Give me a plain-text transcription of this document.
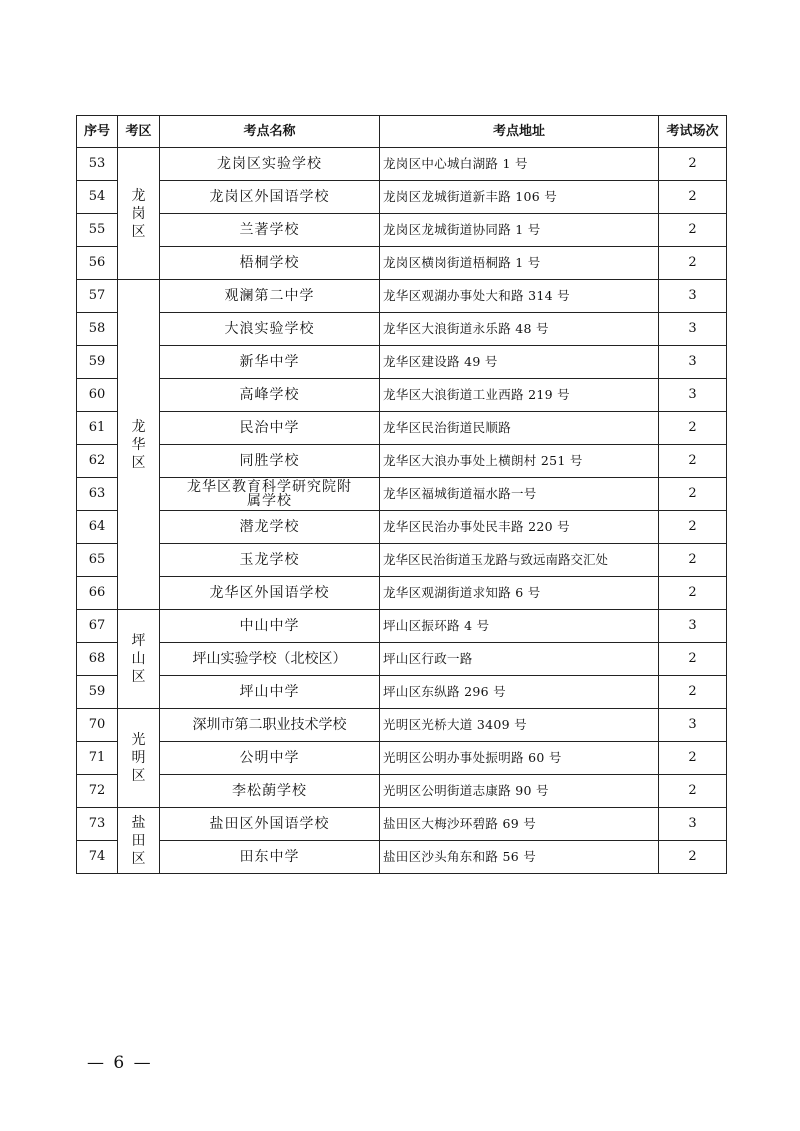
序号	考区	考点名称	考点地址	考试场次
53	龙岗区	龙岗区实验学校	龙岗区中心城白湖路 1 号	2
54		龙岗区外国语学校	龙岗区龙城街道新丰路 106 号	2
55		兰著学校	龙岗区龙城街道协同路 1 号	2
56		梧桐学校	龙岗区横岗街道梧桐路 1 号	2
57	龙华区	观澜第二中学	龙华区观湖办事处大和路 314 号	3
58		大浪实验学校	龙华区大浪街道永乐路 48 号	3
59		新华中学	龙华区建设路 49 号	3
60		高峰学校	龙华区大浪街道工业西路 219 号	3
61		民治中学	龙华区民治街道民顺路	2
62		同胜学校	龙华区大浪办事处上横朗村 251 号	2
63		龙华区教育科学研究院附属学校	龙华区福城街道福水路一号	2
64		潜龙学校	龙华区民治办事处民丰路 220 号	2
65		玉龙学校	龙华区民治街道玉龙路与致远南路交汇处	2
66		龙华区外国语学校	龙华区观湖街道求知路 6 号	2
67	坪山区	中山中学	坪山区振环路 4 号	3
68		坪山实验学校（北校区）	坪山区行政一路	2
59		坪山中学	坪山区东纵路 296 号	2
70	光明区	深圳市第二职业技术学校	光明区光桥大道 3409 号	3
71		公明中学	光明区公明办事处振明路 60 号	2
72		李松蓢学校	光明区公明街道志康路 90 号	2
73	盐田区	盐田区外国语学校	盐田区大梅沙环碧路 69 号	3
74		田东中学	盐田区沙头角东和路 56 号	2
— 6 —
